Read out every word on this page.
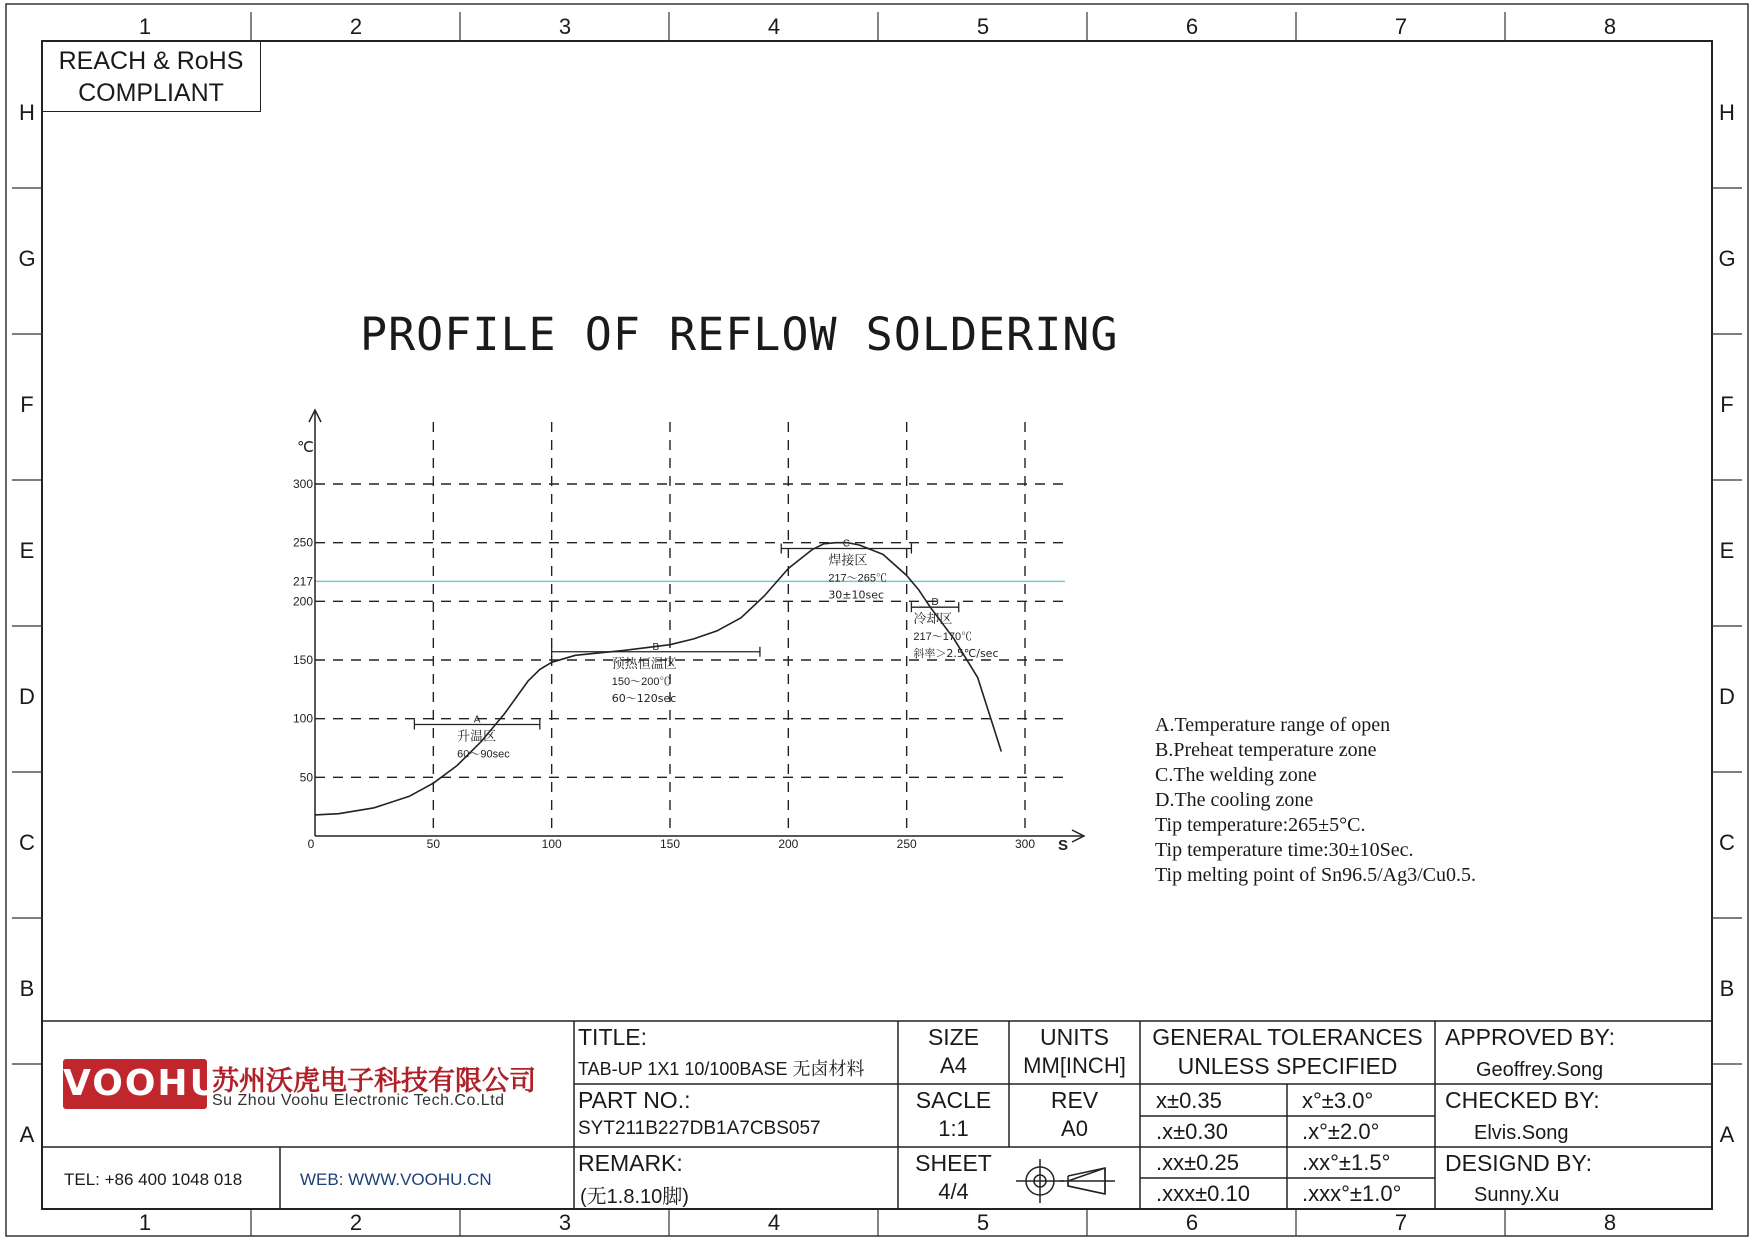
1	2	3	4	5	6	7	8
1	2	3	4	5	6	7	8
H
G
F
E
D
C
B
A
H
G
F
E
D
C
B
A
REACH & RoHS
COMPLIANT
PROFILE OF REFLOW SOLDERING
℃
S
0	50	100	150	200	250	300
50
100
150
200
217
250
300
A
升温区
60～90sec
B
预热恒温区
150～200℃
60～120sec
C
焊接区
217～265℃
30±10sec
D
冷却区
217～170℃
斜率＞2.5℃/sec
A.Temperature range of open
B.Preheat temperature zone
C.The welding zone
D.The cooling zone
Tip temperature:265±5°C.
Tip temperature time:30±10Sec.
Tip melting point of Sn96.5/Ag3/Cu0.5.
VOOHU
苏州沃虎电子科技有限公司
Su Zhou Voohu Electronic Tech.Co.Ltd
TEL: +86 400 1048 018	WEB: WWW.VOOHU.CN
TITLE:
TAB-UP 1X1 10/100BASE 无卤材料
PART NO.:
SYT211B227DB1A7CBS057
REMARK:
(无1.8.10脚)
SIZE
A4
UNITS
MM[INCH]
SACLE
1:1
REV
A0
SHEET
4/4
GENERAL TOLERANCES
UNLESS SPECIFIED
x±0.35	x°±3.0°
.x±0.30	.x°±2.0°
.xx±0.25	.xx°±1.5°
.xxx±0.10 .xxx°±1.0°
APPROVED BY:
Geoffrey.Song
CHECKED BY:
Elvis.Song
DESIGND BY:
Sunny.Xu
